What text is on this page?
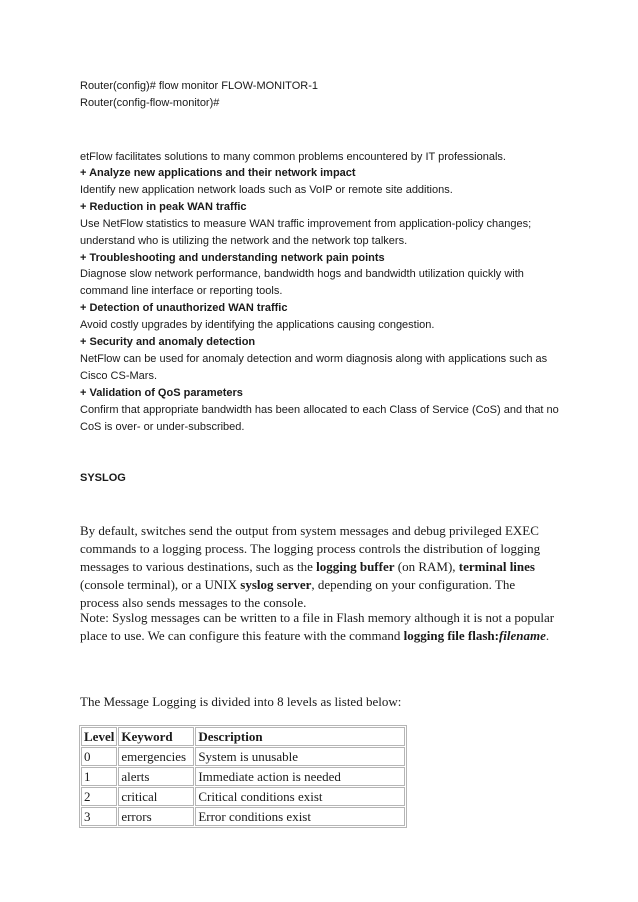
Router(config)# flow monitor FLOW-MONITOR-1
Router(config-flow-monitor)#
etFlow facilitates solutions to many common problems encountered by IT professionals.
+ Analyze new applications and their network impact
Identify new application network loads such as VoIP or remote site additions.
+ Reduction in peak WAN traffic
Use NetFlow statistics to measure WAN traffic improvement from application-policy changes;
understand who is utilizing the network and the network top talkers.
+ Troubleshooting and understanding network pain points
Diagnose slow network performance, bandwidth hogs and bandwidth utilization quickly with
command line interface or reporting tools.
+ Detection of unauthorized WAN traffic
Avoid costly upgrades by identifying the applications causing congestion.
+ Security and anomaly detection
NetFlow can be used for anomaly detection and worm diagnosis along with applications such as
Cisco CS-Mars.
+ Validation of QoS parameters
Confirm that appropriate bandwidth has been allocated to each Class of Service (CoS) and that no
CoS is over- or under-subscribed.
SYSLOG
By default, switches send the output from system messages and debug privileged EXEC commands to a logging process. The logging process controls the distribution of logging messages to various destinations, such as the logging buffer (on RAM), terminal lines (console terminal), or a UNIX syslog server, depending on your configuration. The process also sends messages to the console.
Note: Syslog messages can be written to a file in Flash memory although it is not a popular place to use. We can configure this feature with the command logging file flash:filename.
The Message Logging is divided into 8 levels as listed below:
Level	Keyword	Description
0	emergencies	System is unusable
1	alerts	Immediate action is needed
2	critical	Critical conditions exist
3	errors	Error conditions exist
